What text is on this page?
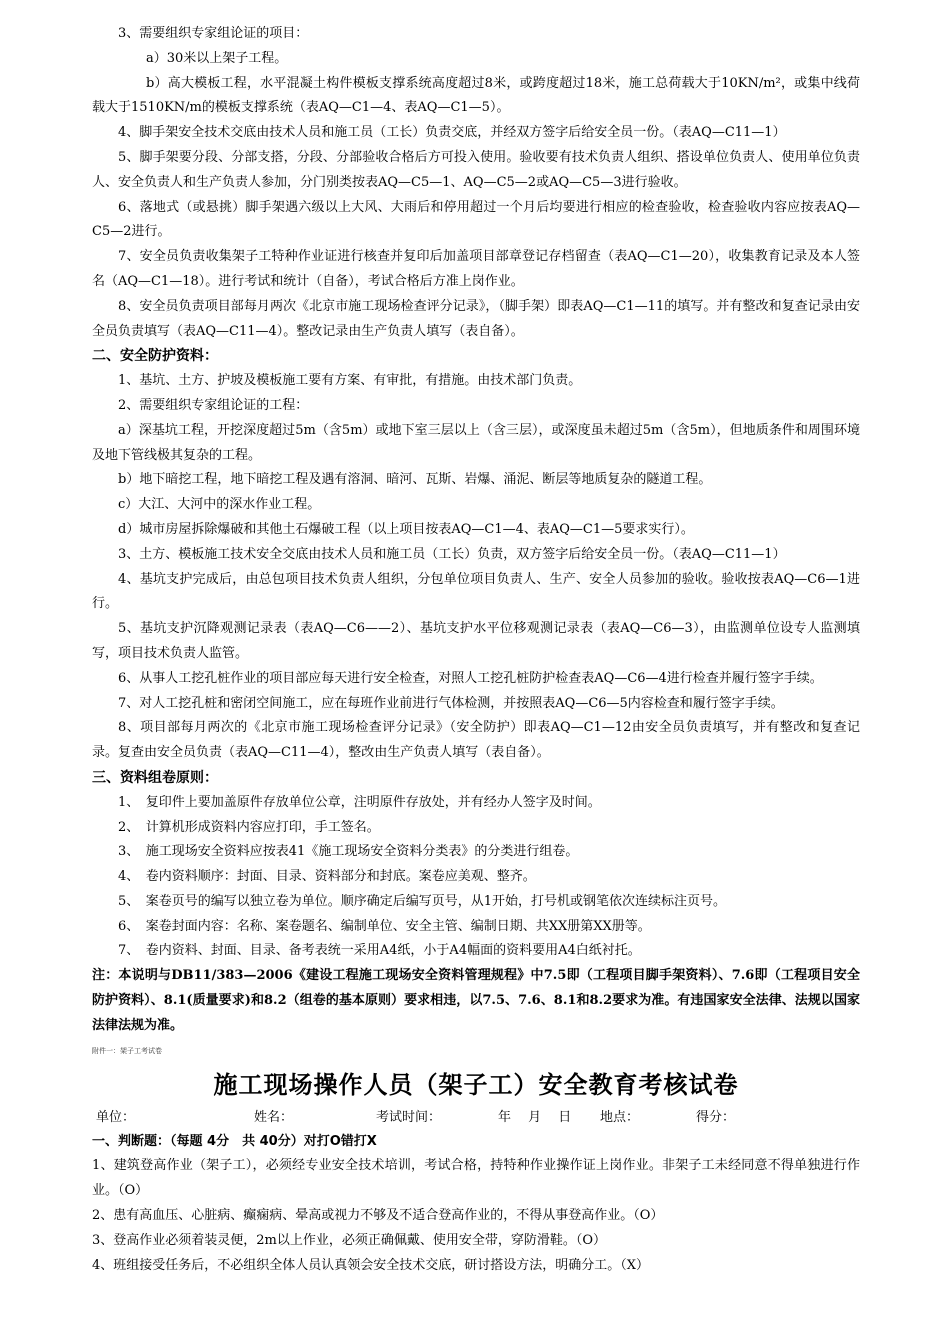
3、需要组织专家组论证的项目：

a）30米以上架子工程。

b）高大模板工程，水平混凝土构件模板支撑系统高度超过8米，或跨度超过18米，施工总荷载大于10KN/m²，或集中线荷载大于1510KN/m的模板支撑系统（表AQ—C1—4、表AQ—C1—5）。

4、脚手架安全技术交底由技术人员和施工员（工长）负责交底，并经双方签字后给安全员一份。（表AQ—C11—1）

5、脚手架要分段、分部支搭，分段、分部验收合格后方可投入使用。验收要有技术负责人组织、搭设单位负责人、使用单位负责人、安全负责人和生产负责人参加，分门别类按表AQ—C5—1、AQ—C5—2或AQ—C5—3进行验收。

6、落地式（或悬挑）脚手架遇六级以上大风、大雨后和停用超过一个月后均要进行相应的检查验收，检查验收内容应按表AQ—C5—2进行。

7、安全员负责收集架子工特种作业证进行核查并复印后加盖项目部章登记存档留查（表AQ—C1—20），收集教育记录及本人签名（AQ—C1—18）。进行考试和统计（自备），考试合格后方准上岗作业。

8、安全员负责项目部每月两次《北京市施工现场检查评分记录》，（脚手架）即表AQ—C1—11的填写。并有整改和复查记录由安全员负责填写（表AQ—C11—4）。整改记录由生产负责人填写（表自备）。

二、安全防护资料：

1、基坑、土方、护坡及模板施工要有方案、有审批，有措施。由技术部门负责。

2、需要组织专家组论证的工程：

a）深基坑工程，开挖深度超过5m（含5m）或地下室三层以上（含三层），或深度虽未超过5m（含5m），但地质条件和周围环境及地下管线极其复杂的工程。

b）地下暗挖工程，地下暗挖工程及遇有溶洞、暗河、瓦斯、岩爆、涌泥、断层等地质复杂的隧道工程。

c）大江、大河中的深水作业工程。

d）城市房屋拆除爆破和其他土石爆破工程（以上项目按表AQ—C1—4、表AQ—C1—5要求实行）。

3、土方、模板施工技术安全交底由技术人员和施工员（工长）负责，双方签字后给安全员一份。（表AQ—C11—1）

4、基坑支护完成后，由总包项目技术负责人组织，分包单位项目负责人、生产、安全人员参加的验收。验收按表AQ—C6—1进行。

5、基坑支护沉降观测记录表（表AQ—C6——2）、基坑支护水平位移观测记录表（表AQ—C6—3），由监测单位设专人监测填写，项目技术负责人监管。

6、从事人工挖孔桩作业的项目部应每天进行安全检查，对照人工挖孔桩防护检查表AQ—C6—4进行检查并履行签字手续。

7、对人工挖孔桩和密闭空间施工，应在每班作业前进行气体检测，并按照表AQ—C6—5内容检查和履行签字手续。

8、项目部每月两次的《北京市施工现场检查评分记录》（安全防护）即表AQ—C1—12由安全员负责填写，并有整改和复查记录。复查由安全员负责（表AQ—C11—4），整改由生产负责人填写（表自备）。

三、资料组卷原则：

1、　复印件上要加盖原件存放单位公章，注明原件存放处，并有经办人签字及时间。

2、　计算机形成资料内容应打印，手工签名。

3、　施工现场安全资料应按表41《施工现场安全资料分类表》的分类进行组卷。

4、　卷内资料顺序：封面、目录、资料部分和封底。案卷应美观、整齐。

5、　案卷页号的编写以独立卷为单位。顺序确定后编写页号，从1开始，打号机或钢笔依次连续标注页号。

6、　案卷封面内容：名称、案卷题名、编制单位、安全主管、编制日期、共XX册第XX册等。

7、　卷内资料、封面、目录、备考表统一采用A4纸，小于A4幅面的资料要用A4白纸衬托。

注：本说明与DB11/383—2006《建设工程施工现场安全资料管理规程》中7.5即（工程项目脚手架资料）、7.6即（工程项目安全防护资料）、8.1(质量要求)和8.2（组卷的基本原则）要求相违，以7.5、7.6、8.1和8.2要求为准。有违国家安全法律、法规以国家法律法规为准。

附件一：架子工考试卷

施工现场操作人员（架子工）安全教育考核试卷
单位：	姓名：	考试时间：	年　 月　 日	地点：	得分：

一、判断题：（每题 4分　共 40分）对打O错打X

1、建筑登高作业（架子工），必须经专业安全技术培训，考试合格，持特种作业操作证上岗作业。非架子工未经同意不得单独进行作业。（O）

2、患有高血压、心脏病、癫痫病、晕高或视力不够及不适合登高作业的，不得从事登高作业。（O）

3、登高作业必须着装灵便，2m以上作业，必须正确佩戴、使用安全带，穿防滑鞋。（O）

4、班组接受任务后，不必组织全体人员认真领会安全技术交底，研讨搭设方法，明确分工。（X）
